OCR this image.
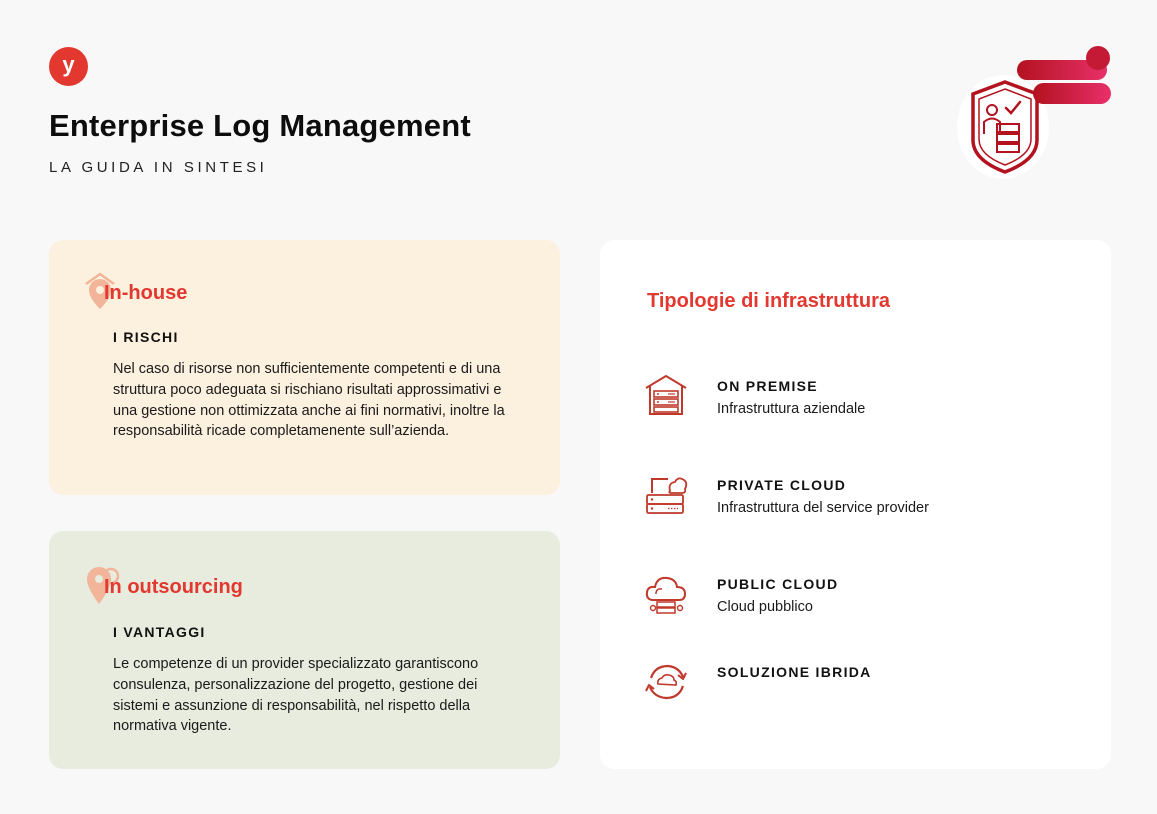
y
Enterprise Log Management
LA GUIDA IN SINTESI
In-house
I RISCHI

Nel caso di risorse non sufficientemente competenti e di una struttura poco adeguata si rischiano risultati approssimativi e una gestione non ottimizzata anche ai fini normativi, inoltre la responsabilità ricade completamenente sull’azienda.

In outsourcing
I VANTAGGI

Le competenze di un provider specializzato garantiscono consulenza, personalizzazione del progetto, gestione dei sistemi e assunzione di responsabilità, nel rispetto della normativa vigente.

Tipologie di infrastruttura
ON PREMISE
Infrastruttura aziendale
PRIVATE CLOUD
Infrastruttura del service provider
PUBLIC CLOUD
Cloud pubblico
SOLUZIONE IBRIDA
